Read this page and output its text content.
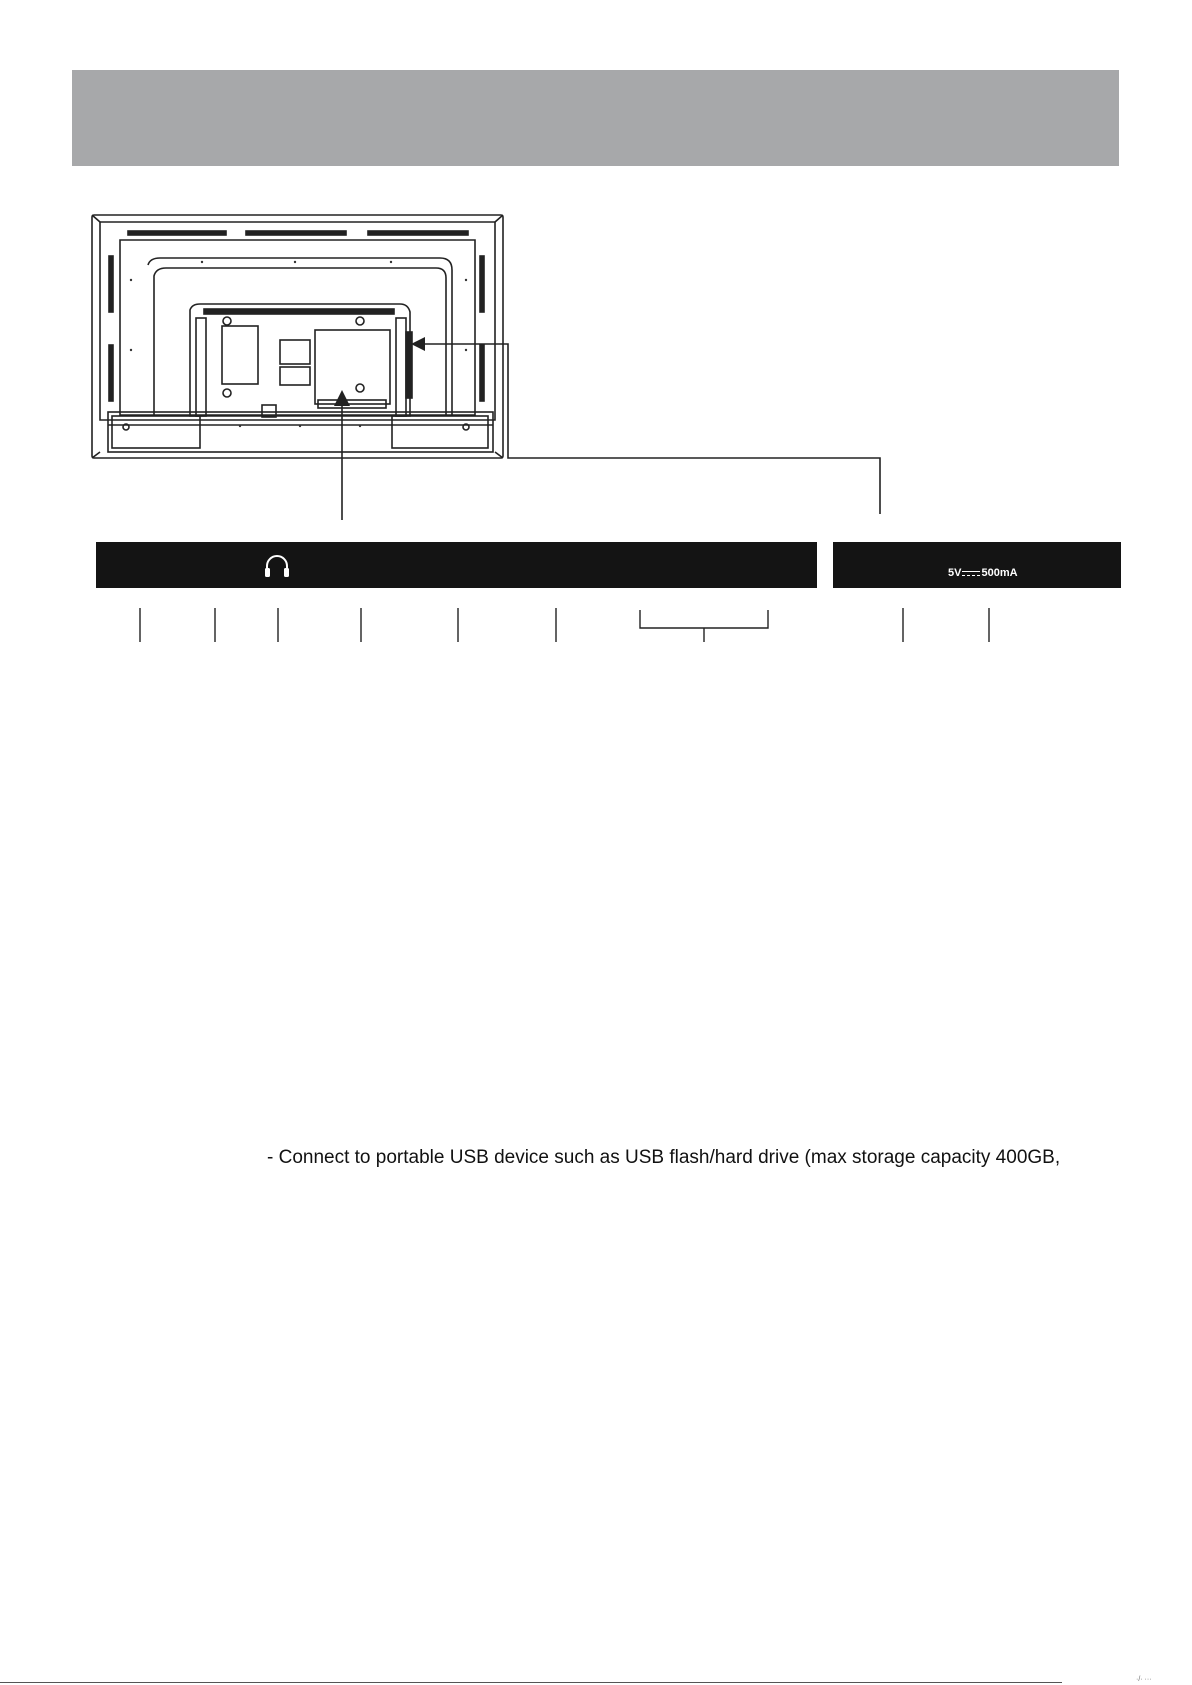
5V 500mA
- Connect to portable USB device such as USB flash/hard drive (max storage capacity 400GB,
·/· ···
